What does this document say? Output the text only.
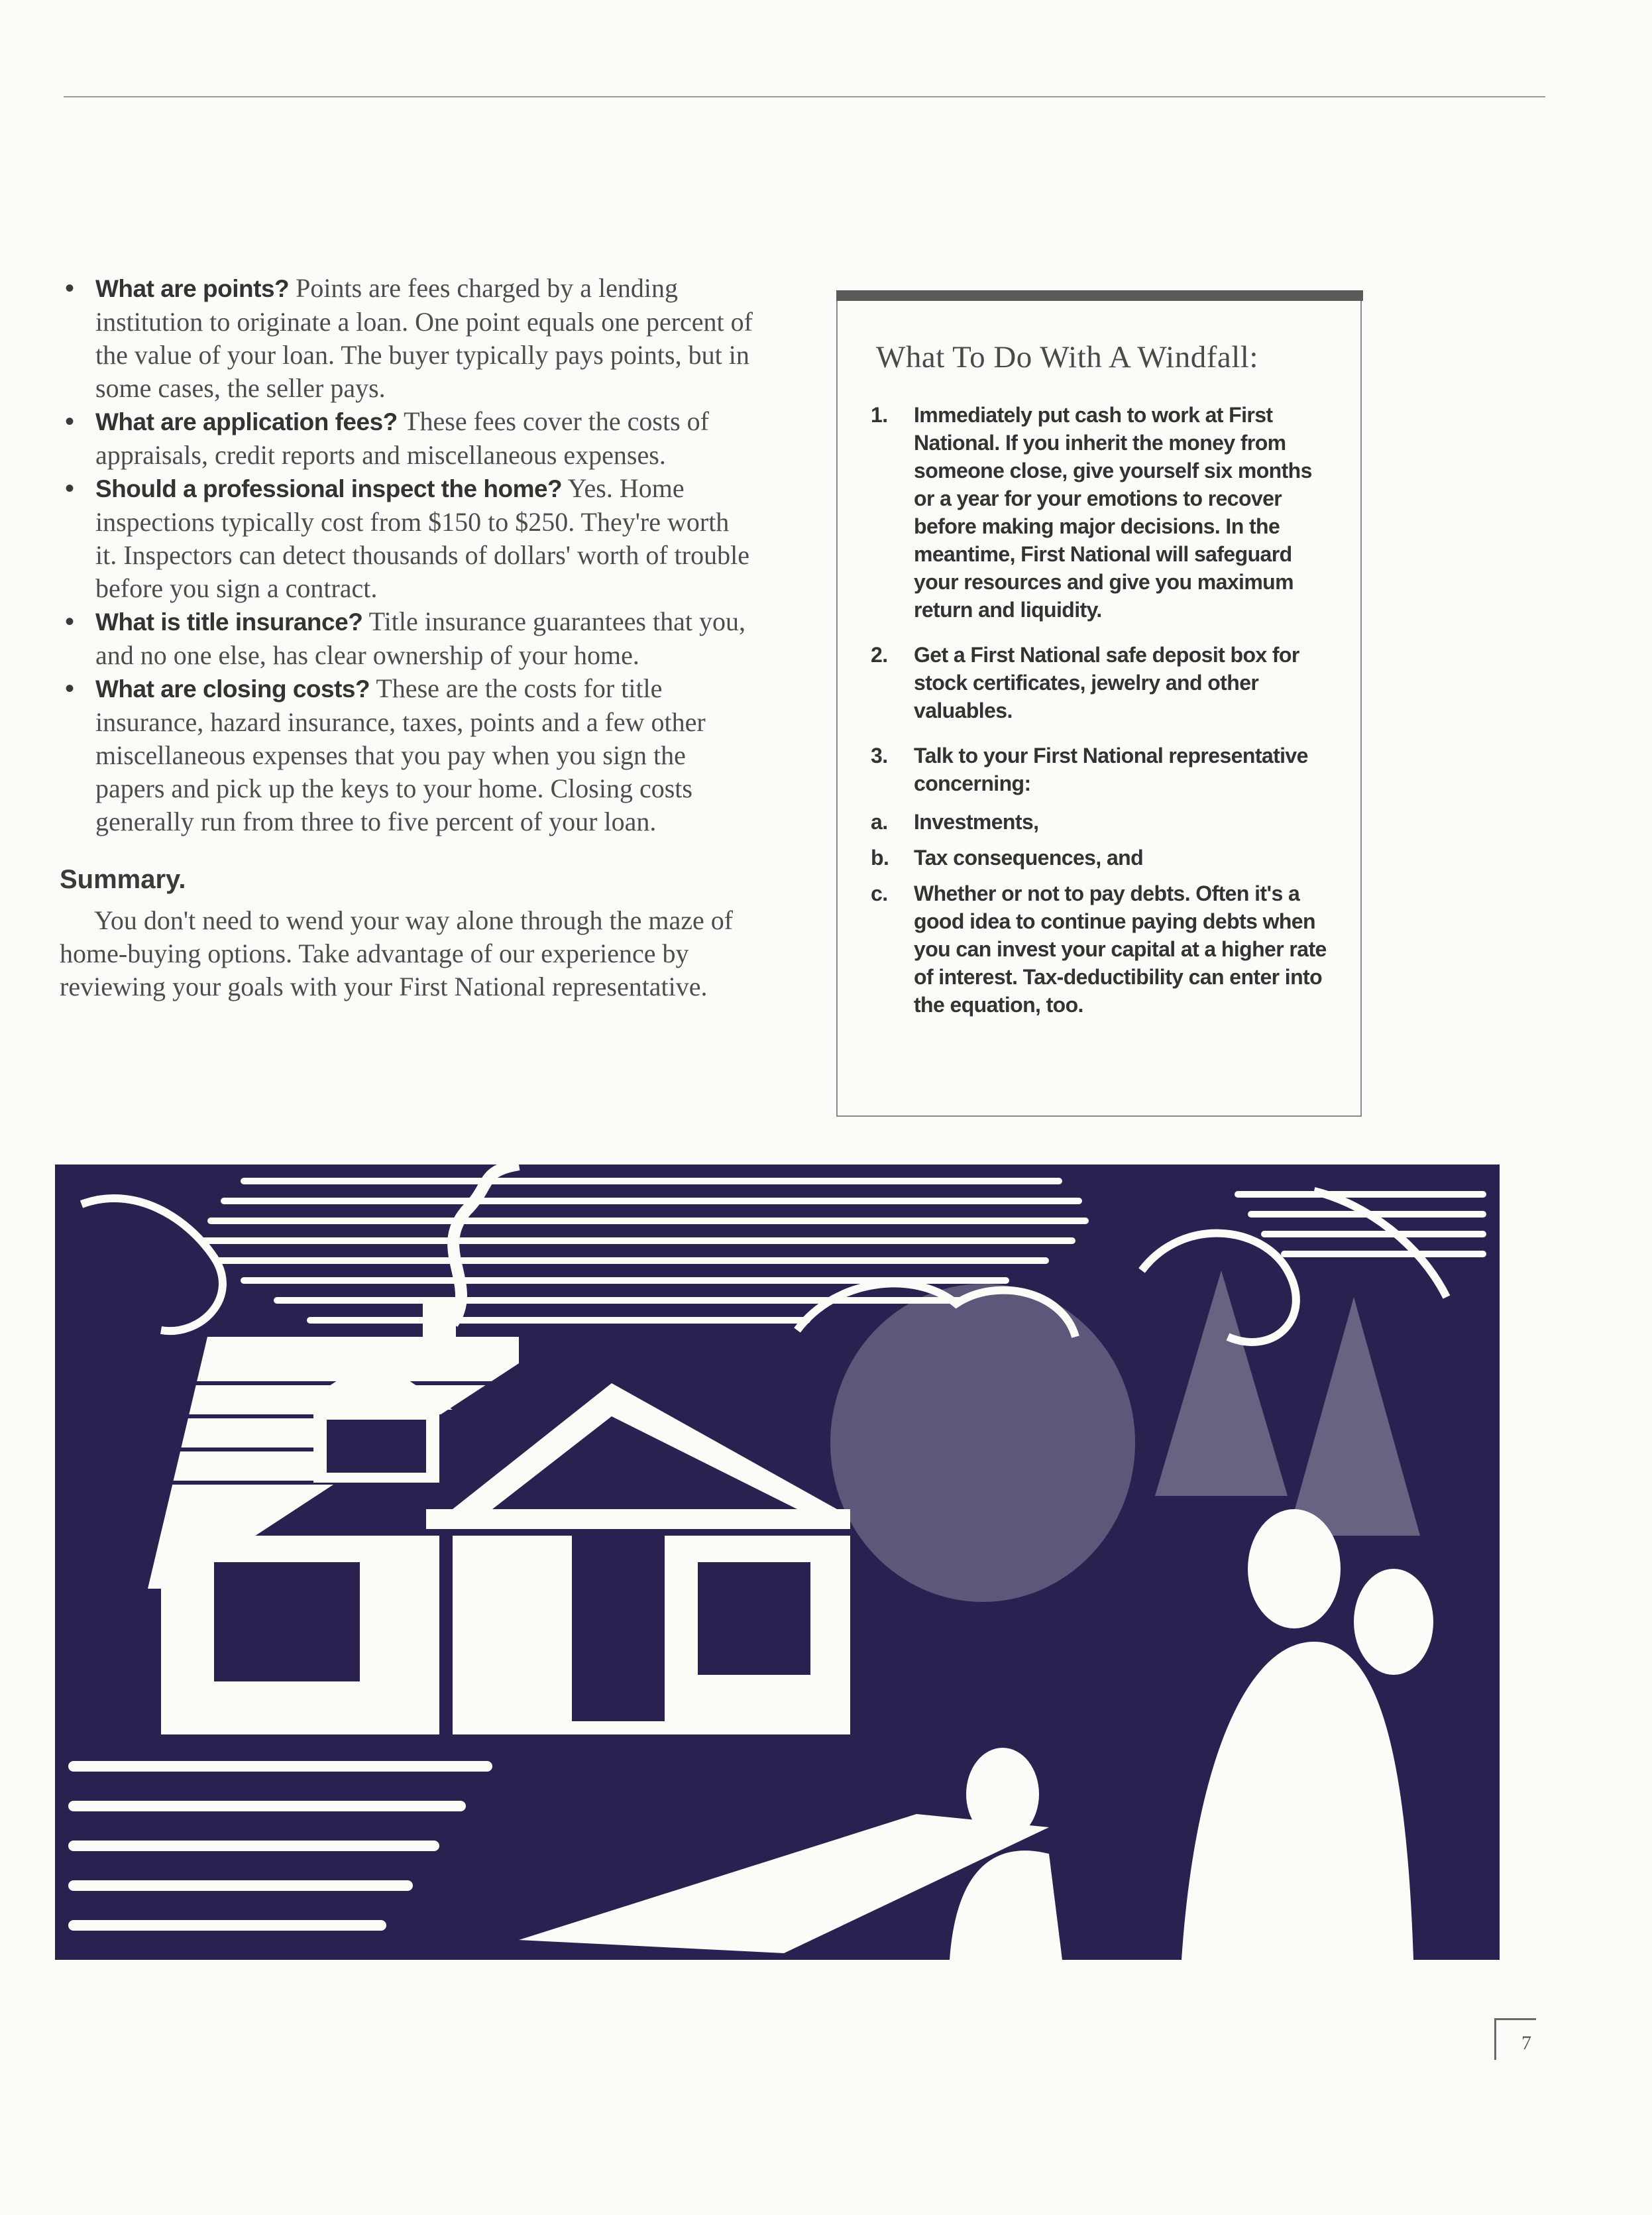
• What are points? Points are fees charged by a lending institution to originate a loan. One point equals one percent of the value of your loan. The buyer typically pays points, but in some cases, the seller pays.
• What are application fees? These fees cover the costs of appraisals, credit reports and miscellaneous expenses.
• Should a professional inspect the home? Yes. Home inspections typically cost from $150 to $250. They're worth it. Inspectors can detect thousands of dollars' worth of trouble before you sign a contract.
• What is title insurance? Title insurance guarantees that you, and no one else, has clear ownership of your home.
• What are closing costs? These are the costs for title insurance, hazard insurance, taxes, points and a few other miscellaneous expenses that you pay when you sign the papers and pick up the keys to your home. Closing costs generally run from three to five percent of your loan.
Summary.

You don't need to wend your way alone through the maze of home-buying options. Take advantage of our experience by reviewing your goals with your First National representative.

What To Do With A Windfall:
1. Immediately put cash to work at First National. If you inherit the money from someone close, give yourself six months or a year for your emotions to recover before making major decisions. In the meantime, First National will safeguard your resources and give you maximum return and liquidity.
2. Get a First National safe deposit box for stock certificates, jewelry and other valuables.
3. Talk to your First National representative concerning:
a. Investments,
b. Tax consequences, and
c. Whether or not to pay debts. Often it's a good idea to continue paying debts when you can invest your capital at a higher rate of interest. Tax-deductibility can enter into the equation, too.
7
